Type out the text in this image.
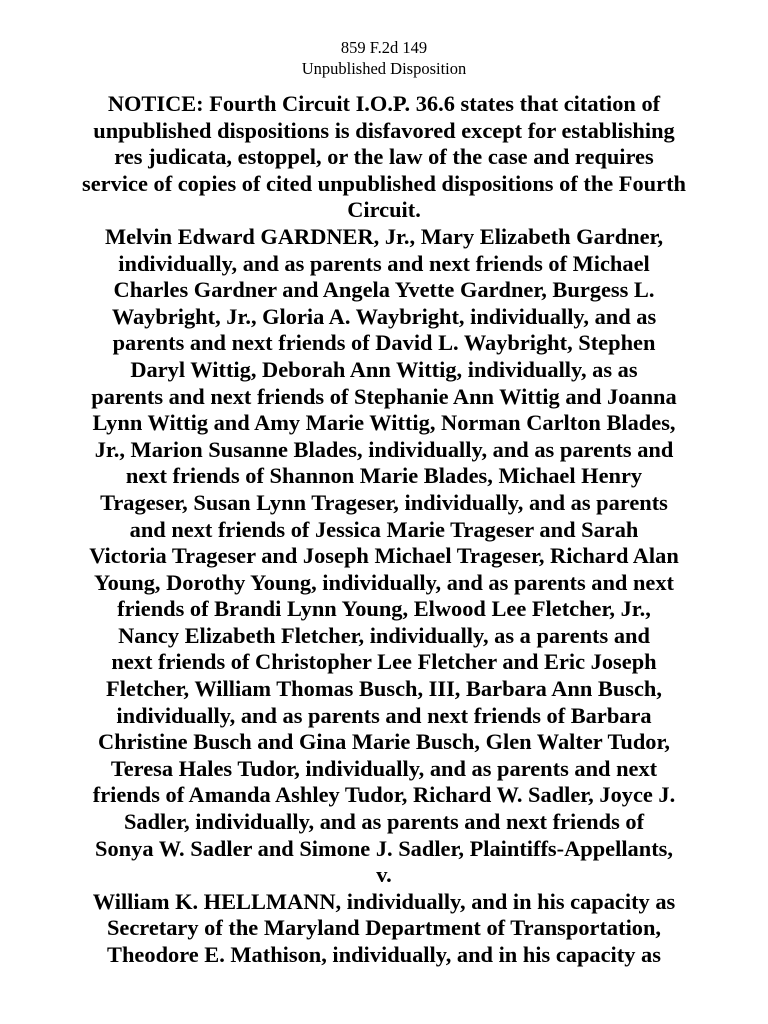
859 F.2d 149
Unpublished Disposition
NOTICE: Fourth Circuit I.O.P. 36.6 states that citation of
unpublished dispositions is disfavored except for establishing
res judicata, estoppel, or the law of the case and requires
service of copies of cited unpublished dispositions of the Fourth
Circuit.
Melvin Edward GARDNER, Jr., Mary Elizabeth Gardner,
individually, and as parents and next friends of Michael
Charles Gardner and Angela Yvette Gardner, Burgess L.
Waybright, Jr., Gloria A. Waybright, individually, and as
parents and next friends of David L. Waybright, Stephen
Daryl Wittig, Deborah Ann Wittig, individually, as as
parents and next friends of Stephanie Ann Wittig and Joanna
Lynn Wittig and Amy Marie Wittig, Norman Carlton Blades,
Jr., Marion Susanne Blades, individually, and as parents and
next friends of Shannon Marie Blades, Michael Henry
Trageser, Susan Lynn Trageser, individually, and as parents
and next friends of Jessica Marie Trageser and Sarah
Victoria Trageser and Joseph Michael Trageser, Richard Alan
Young, Dorothy Young, individually, and as parents and next
friends of Brandi Lynn Young, Elwood Lee Fletcher, Jr.,
Nancy Elizabeth Fletcher, individually, as a parents and
next friends of Christopher Lee Fletcher and Eric Joseph
Fletcher, William Thomas Busch, III, Barbara Ann Busch,
individually, and as parents and next friends of Barbara
Christine Busch and Gina Marie Busch, Glen Walter Tudor,
Teresa Hales Tudor, individually, and as parents and next
friends of Amanda Ashley Tudor, Richard W. Sadler, Joyce J.
Sadler, individually, and as parents and next friends of
Sonya W. Sadler and Simone J. Sadler, Plaintiffs-Appellants,
v.
William K. HELLMANN, individually, and in his capacity as
Secretary of the Maryland Department of Transportation,
Theodore E. Mathison, individually, and in his capacity as
